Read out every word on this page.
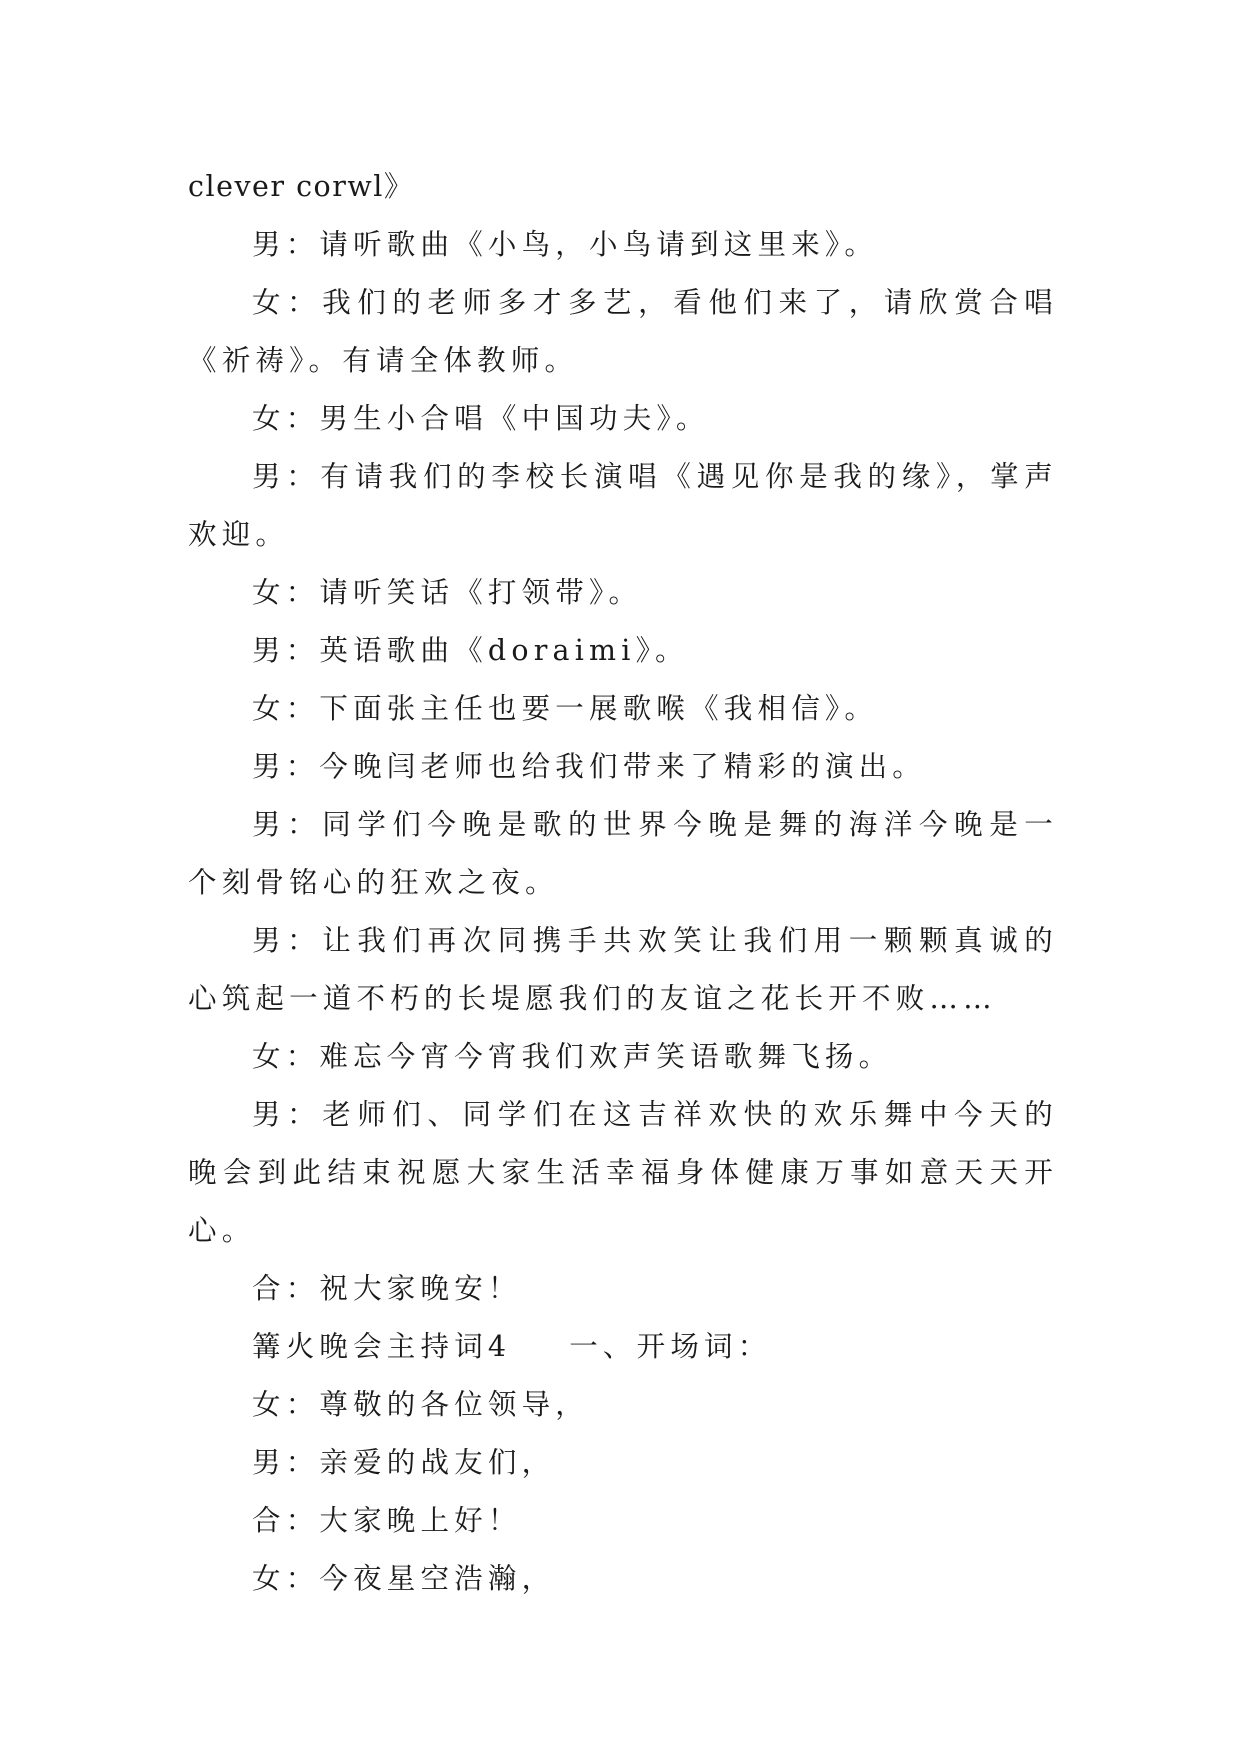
clever corwl》

男：请听歌曲《小鸟，小鸟请到这里来》。

女：我们的老师多才多艺，看他们来了，请欣赏合唱《祈祷》。有请全体教师。

女：男生小合唱《中国功夫》。

男：有请我们的李校长演唱《遇见你是我的缘》，掌声欢迎。

女：请听笑话《打领带》。

男：英语歌曲《doraimi》。

女：下面张主任也要一展歌喉《我相信》。

男：今晚闫老师也给我们带来了精彩的演出。

男：同学们今晚是歌的世界今晚是舞的海洋今晚是一个刻骨铭心的狂欢之夜。

男：让我们再次同携手共欢笑让我们用一颗颗真诚的心筑起一道不朽的长堤愿我们的友谊之花长开不败……

女：难忘今宵今宵我们欢声笑语歌舞飞扬。

男：老师们、同学们在这吉祥欢快的欢乐舞中今天的晚会到此结束祝愿大家生活幸福身体健康万事如意天天开心。

合：祝大家晚安！

篝火晚会主持词4 一、开场词：

女：尊敬的各位领导，

男：亲爱的战友们，

合：大家晚上好！

女：今夜星空浩瀚，
